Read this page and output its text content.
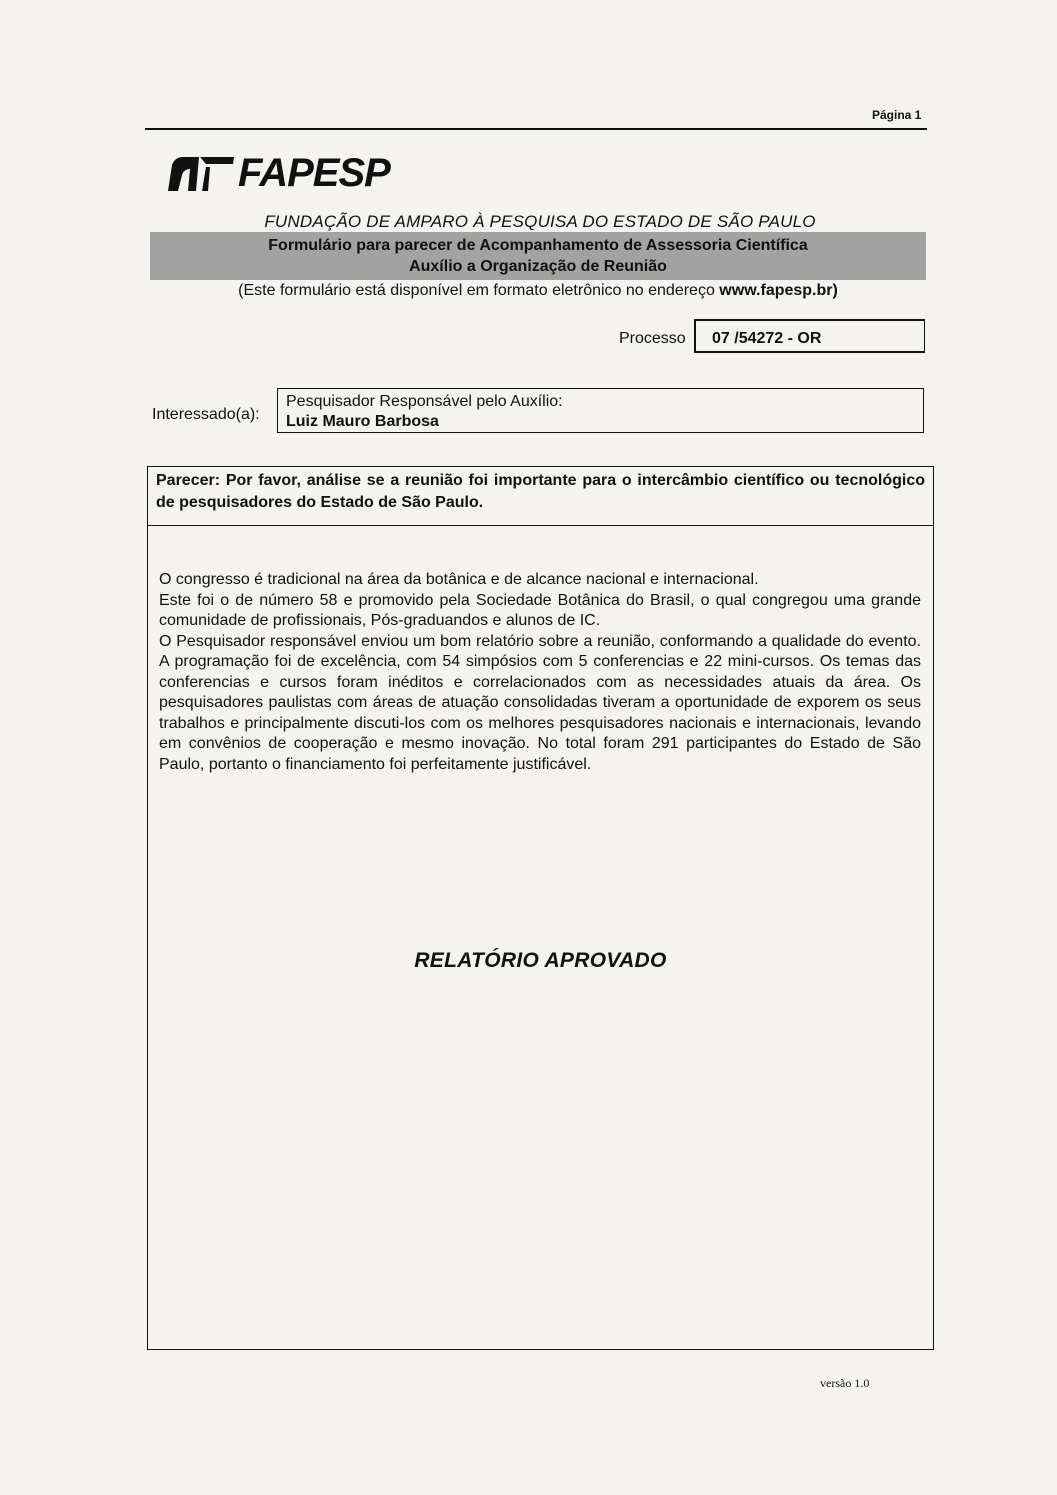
Página 1
FAPESP
FUNDAÇÃO DE AMPARO À PESQUISA DO ESTADO DE SÃO PAULO
Formulário para parecer de Acompanhamento de Assessoria Científica
Auxílio a Organização de Reunião
(Este formulário está disponível em formato eletrônico no endereço www.fapesp.br)
Processo	07 /54272 - OR
Interessado(a):
Pesquisador Responsável pelo Auxílio:
Luiz Mauro Barbosa
Parecer: Por favor, análise se a reunião foi importante para o intercâmbio científico ou tecnológico de pesquisadores do Estado de São Paulo.

O congresso é tradicional na área da botânica e de alcance nacional e internacional.

Este foi o de número 58 e promovido pela Sociedade Botânica do Brasil, o qual congregou uma grande comunidade de profissionais, Pós-graduandos e alunos de IC.

O Pesquisador responsável enviou um bom relatório sobre a reunião, conformando a qualidade do evento. A programação foi de excelência, com 54 simpósios com 5 conferencias e 22 mini-cursos. Os temas das conferencias e cursos foram inéditos e correlacionados com as necessidades atuais da área. Os pesquisadores paulistas com áreas de atuação consolidadas tiveram a oportunidade de exporem os seus trabalhos e principalmente discuti-los com os melhores pesquisadores nacionais e internacionais, levando em convênios de cooperação e mesmo inovação. No total foram 291 participantes do Estado de São Paulo, portanto o financiamento foi perfeitamente justificável.

RELATÓRIO APROVADO
versão 1.0
